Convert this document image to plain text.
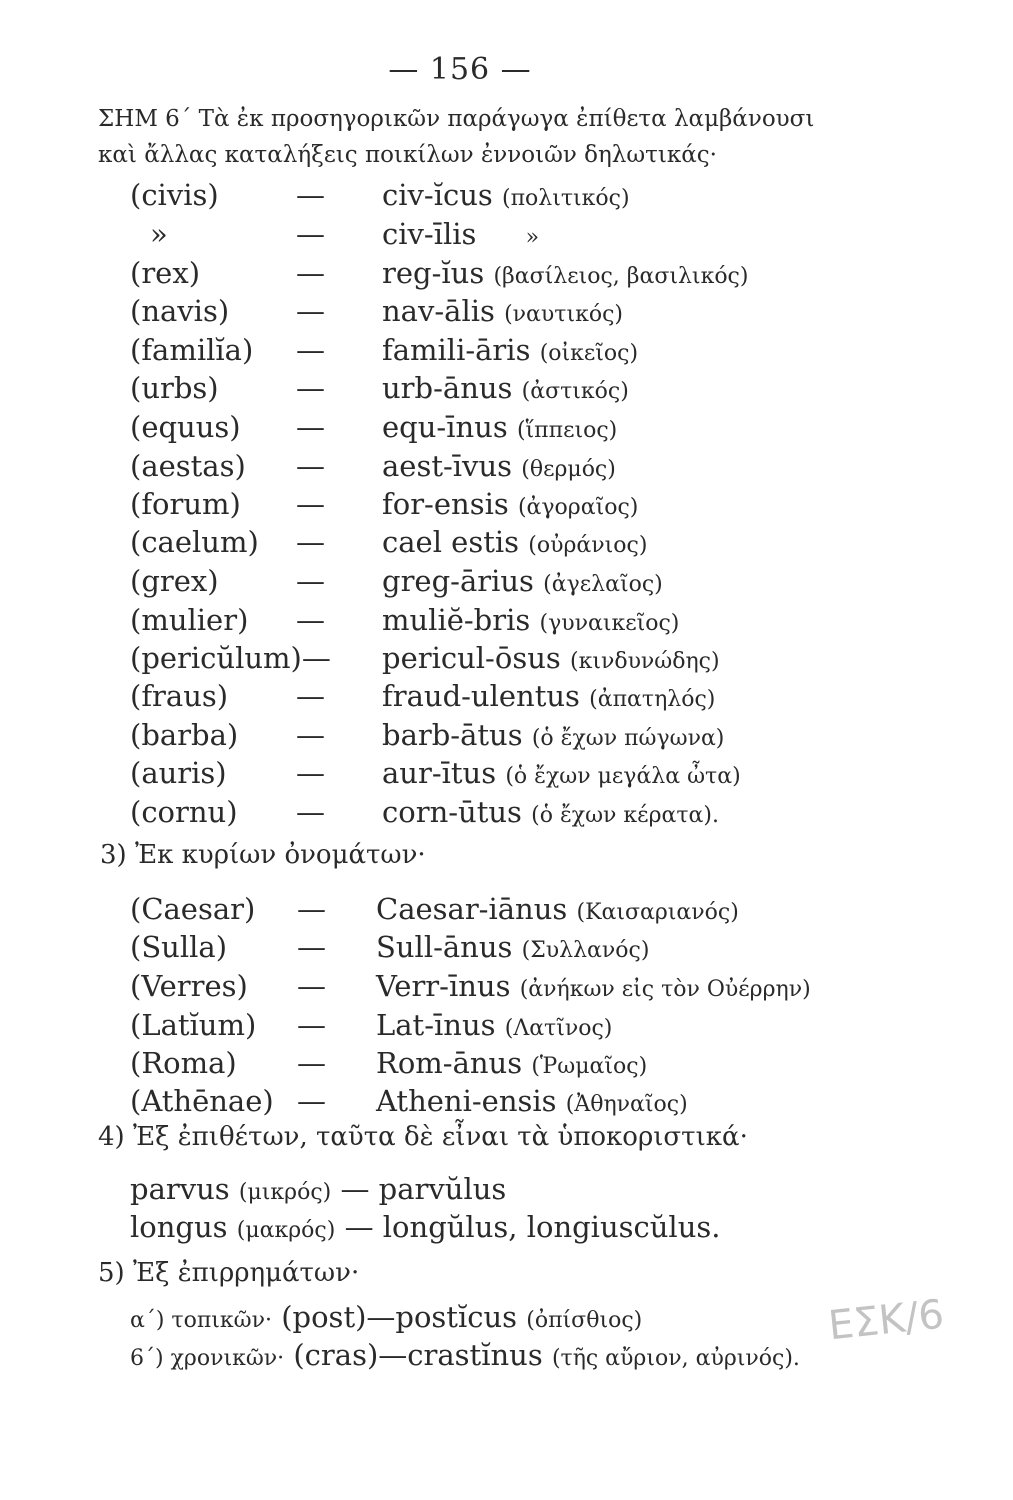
— 156 —
ΣΗΜ 6΄ Τὰ ἐκ προσηγορικῶν παράγωγα ἐπίθετα λαμβάνουσι
καὶ ἄλλας καταλήξεις ποικίλων ἐννοιῶν δηλωτικάς·
(civis)	— civ-ĭcus (πολιτικός)
»	— civ-īlis »
(rex)	— reg-ĭus (βασίλειος, βασιλικός)
(navis) — nav-ālis (ναυτικός)
(familĭa) — famili-āris (οἰκεῖος)
(urbs)	— urb-ānus (ἀστικός)
(equus) — equ-īnus (ἵππειος)
(aestas) — aest-īvus (θερμός)
(forum) — for-ensis (ἀγοραῖος)
(caelum) — cael estis (οὐράνιος)
(grex)	— greg-ārius (ἀγελαῖος)
(mulier) — muliĕ-bris (γυναικεῖος)
(pericŭlum)— pericul-ōsus (κινδυνώδης)
(fraus) — fraud-ulentus (ἀπατηλός)
(barba) — barb-ātus (ὁ ἔχων πώγωνα)
(auris) — aur-ītus (ὁ ἔχων μεγάλα ὦτα)
(cornu) — corn-ūtus (ὁ ἔχων κέρατα).
3) Ἐκ κυρίων ὀνομάτων·
(Caesar) — Caesar-iānus (Καισαριανός)
(Sulla) — Sull-ānus (Συλλανός)
(Verres) — Verr-īnus (ἀνήκων εἰς τὸν Οὐέρρην)
(Latĭum) — Lat-īnus (Λατῖνος)
(Roma) — Rom-ānus (Ῥωμαῖος)
(Athēnae) — Atheni-ensis (Ἀθηναῖος)
4) Ἐξ ἐπιθέτων, ταῦτα δὲ εἶναι τὰ ὑποκοριστικά·
parvus (μικρός) — parvŭlus
longus (μακρός) — longŭlus, longiuscŭlus.
5) Ἐξ ἐπιρρημάτων·
α΄) τοπικῶν· (post)—postĭcus (ὀπίσθιος)
6΄) χρονικῶν· (cras)—crastĭnus (τῆς αὔριον, αὐρινός).
ΕΣΚ/6
